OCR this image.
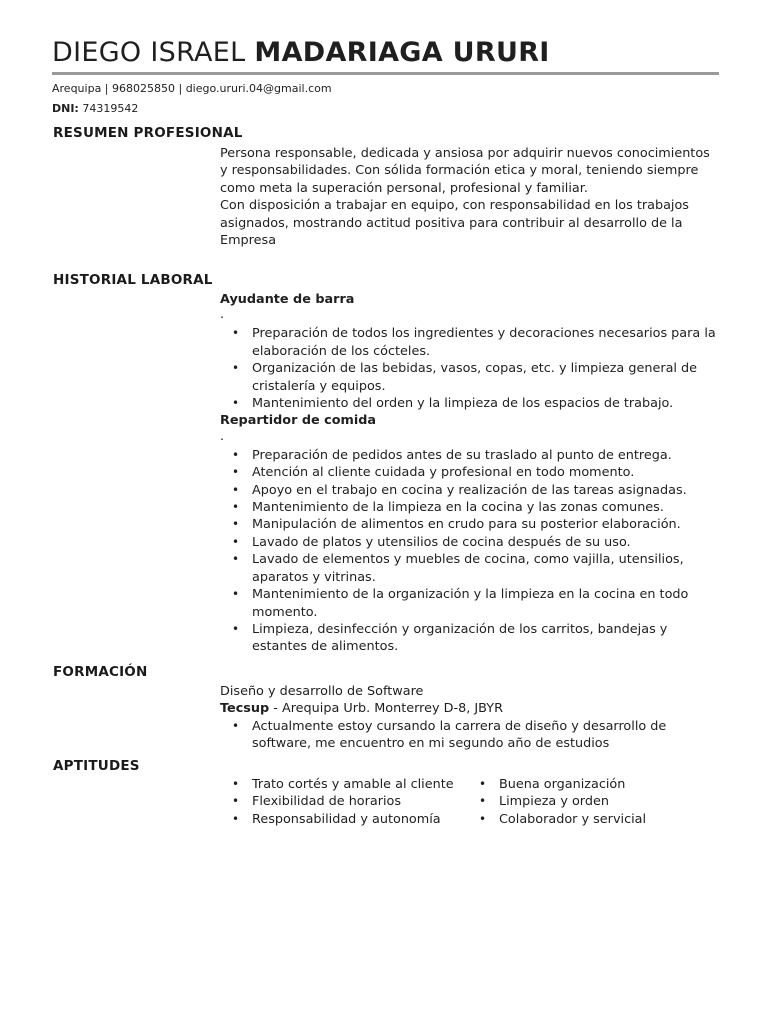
DIEGO ISRAEL MADARIAGA URURI
Arequipa | 968025850 | diego.ururi.04@gmail.com
DNI: 74319542
RESUMEN PROFESIONAL

Persona responsable, dedicada y ansiosa por adquirir nuevos conocimientos y responsabilidades. Con sólida formación etica y moral, teniendo siempre como meta la superación personal, profesional y familiar.

Con disposición a trabajar en equipo, con responsabilidad en los trabajos asignados, mostrando actitud positiva para contribuir al desarrollo de la Empresa

HISTORIAL LABORAL

Ayudante de barra

.

• Preparación de todos los ingredientes y decoraciones necesarios para la elaboración de los cócteles.
• Organización de las bebidas, vasos, copas, etc. y limpieza general de cristalería y equipos.
• Mantenimiento del orden y la limpieza de los espacios de trabajo.

Repartidor de comida

.

• Preparación de pedidos antes de su traslado al punto de entrega.
• Atención al cliente cuidada y profesional en todo momento.
• Apoyo en el trabajo en cocina y realización de las tareas asignadas.
• Mantenimiento de la limpieza en la cocina y las zonas comunes.
• Manipulación de alimentos en crudo para su posterior elaboración.
• Lavado de platos y utensilios de cocina después de su uso.
• Lavado de elementos y muebles de cocina, como vajilla, utensilios, aparatos y vitrinas.
• Mantenimiento de la organización y la limpieza en la cocina en todo momento.
• Limpieza, desinfección y organización de los carritos, bandejas y estantes de alimentos.
FORMACIÓN

Diseño y desarrollo de Software

Tecsup - Arequipa Urb. Monterrey D-8, JBYR

• Actualmente estoy cursando la carrera de diseño y desarrollo de software, me encuentro en mi segundo año de estudios
APTITUDES
• Trato cortés y amable al cliente
• Flexibilidad de horarios
• Responsabilidad y autonomía
• Buena organización
• Limpieza y orden
• Colaborador y servicial
